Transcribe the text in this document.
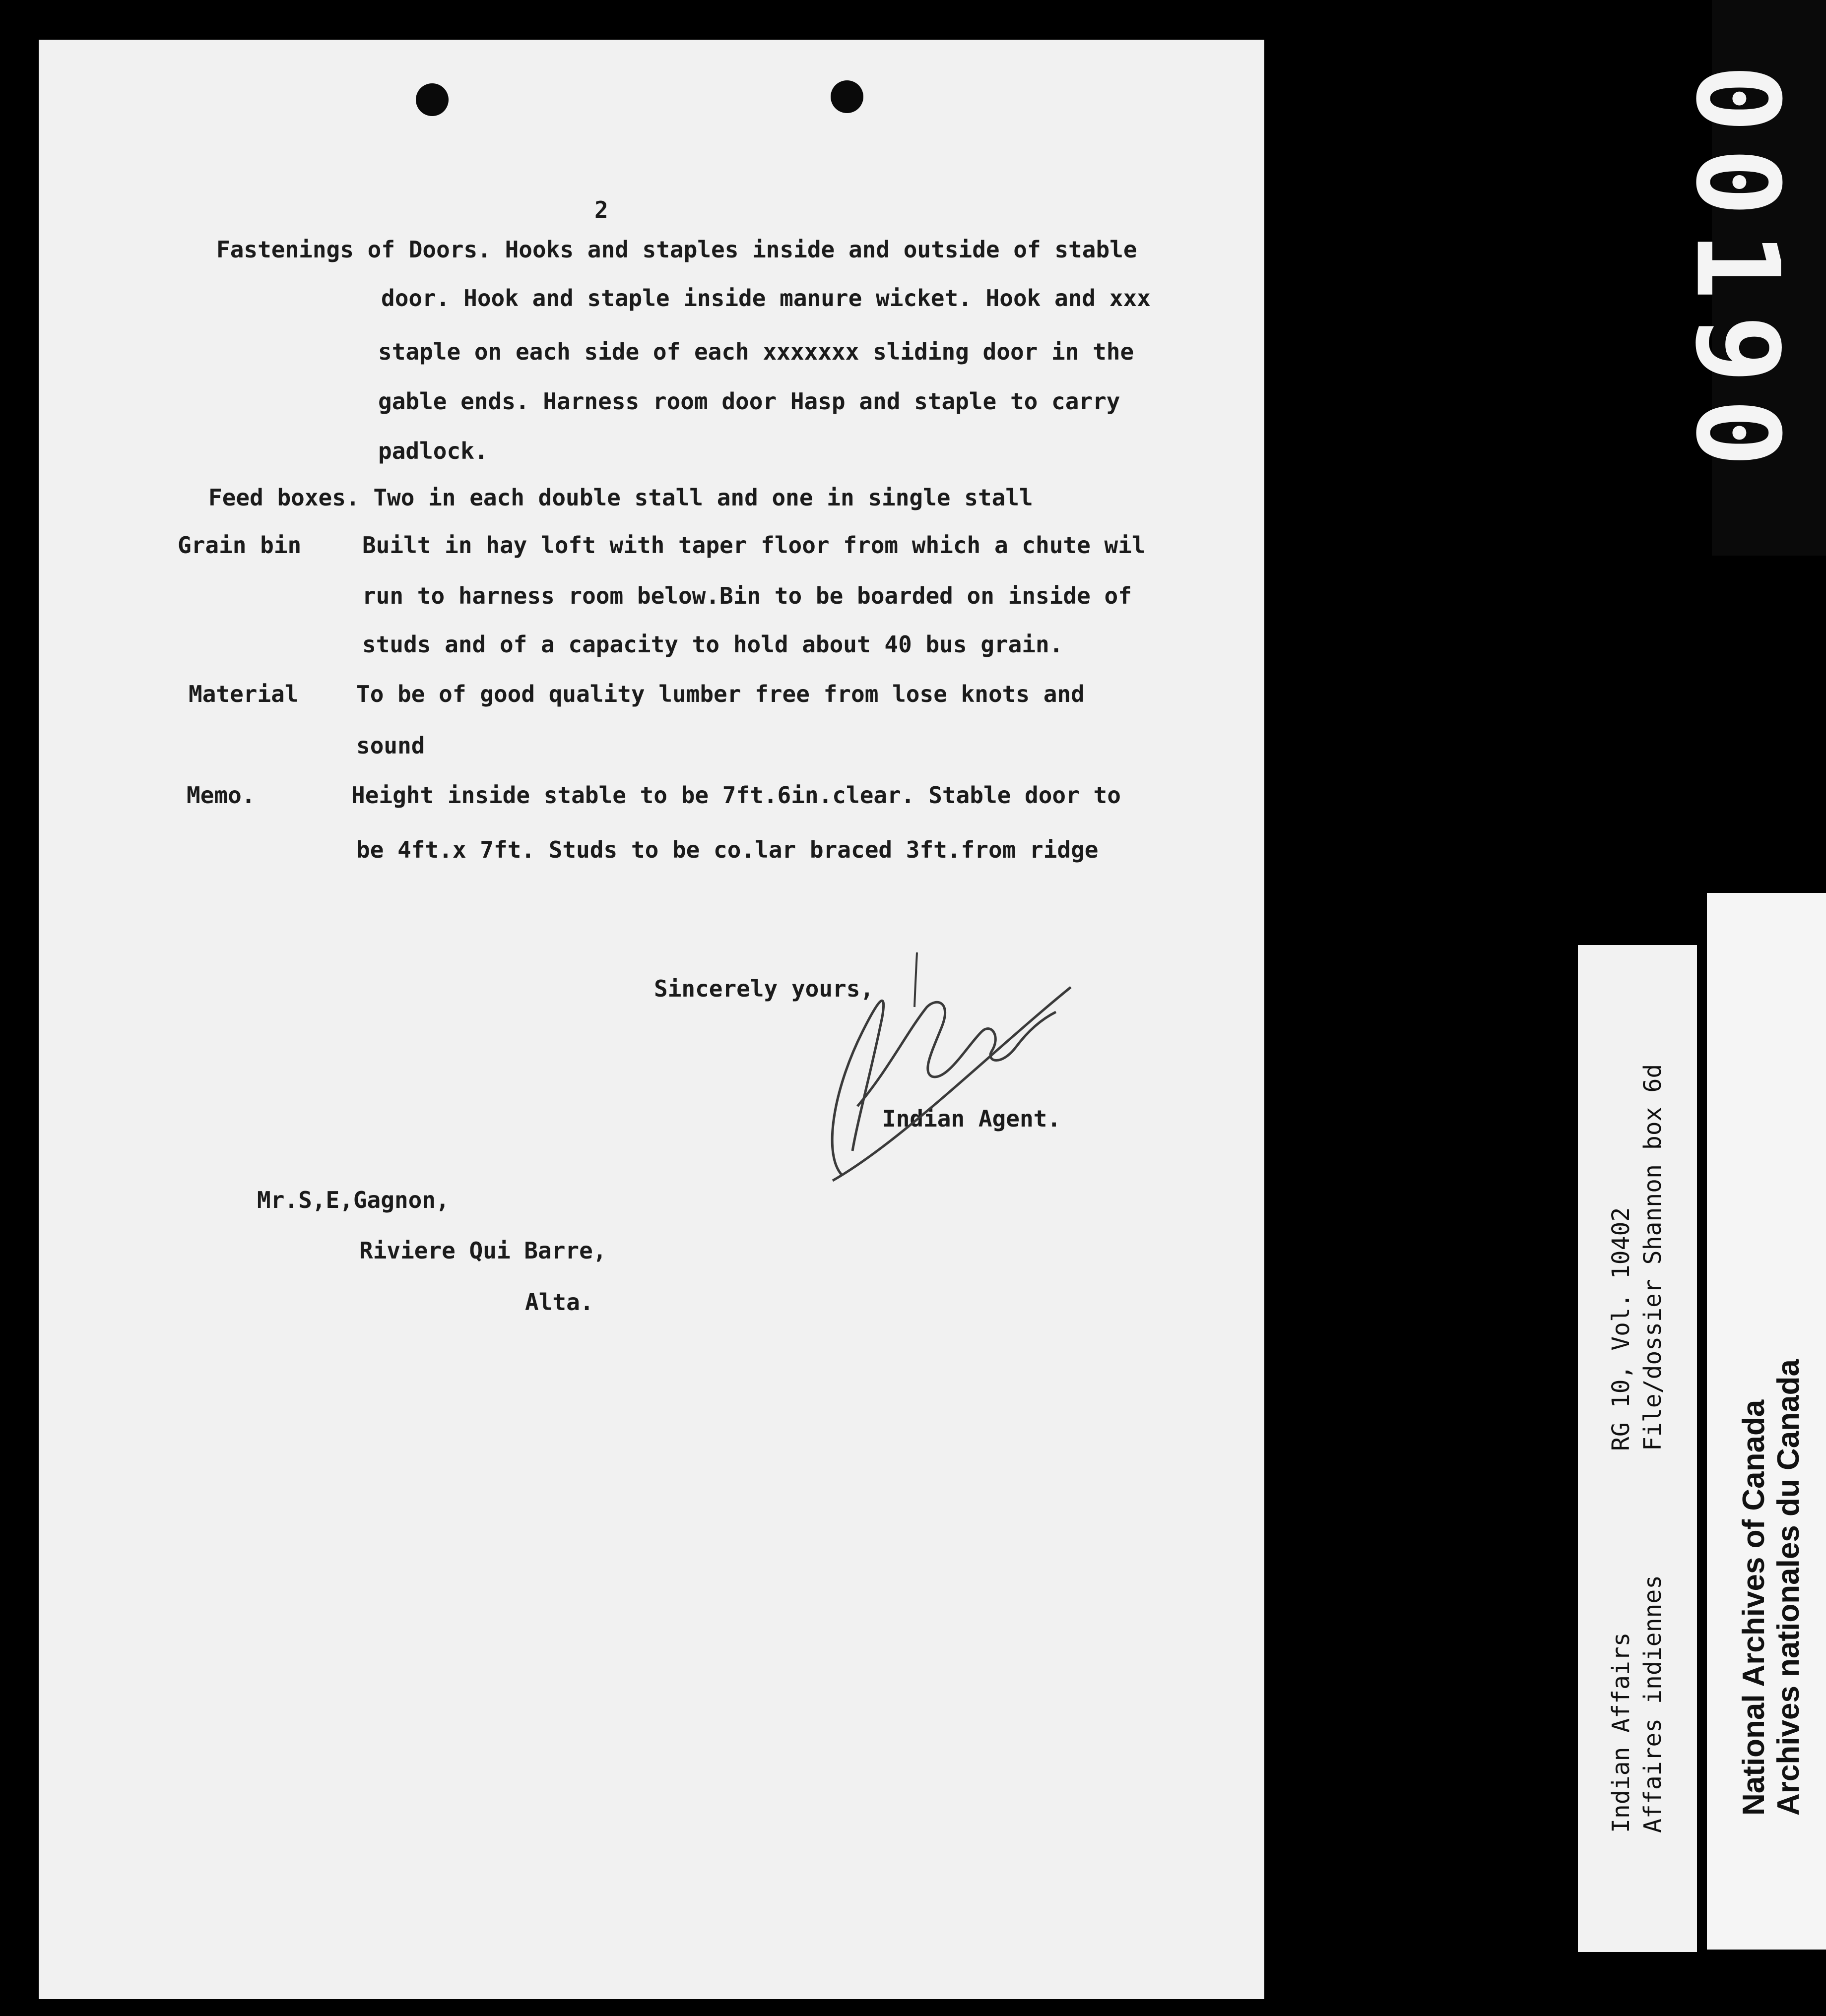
2
Fastenings of Doors. Hooks and staples inside and outside of stable
door. Hook and staple inside manure wicket. Hook and xxx
staple on each side of each xxxxxxx sliding door in the
gable ends. Harness room door Hasp and staple to carry
padlock.
Feed boxes. Two in each double stall and one in single stall
Grain bin	Built in hay loft with taper floor from which a chute wil
run to harness room below.Bin to be boarded on inside of
studs and of a capacity to hold about 40 bus grain.
Material	To be of good quality lumber free from lose knots and
sound
Memo.	Height inside stable to be 7ft.6in.clear. Stable door to
be 4ft.x 7ft. Studs to be co.lar braced 3ft.from ridge
Sincerely yours,
Indian Agent.
Mr.S,E,Gagnon,
Riviere Qui Barre,
Alta.
00190
Indian Affairs Affaires indiennes
RG 10, Vol. 10402 File/dossier Shannon box 6d
National Archives of Canada Archives nationales du Canada
